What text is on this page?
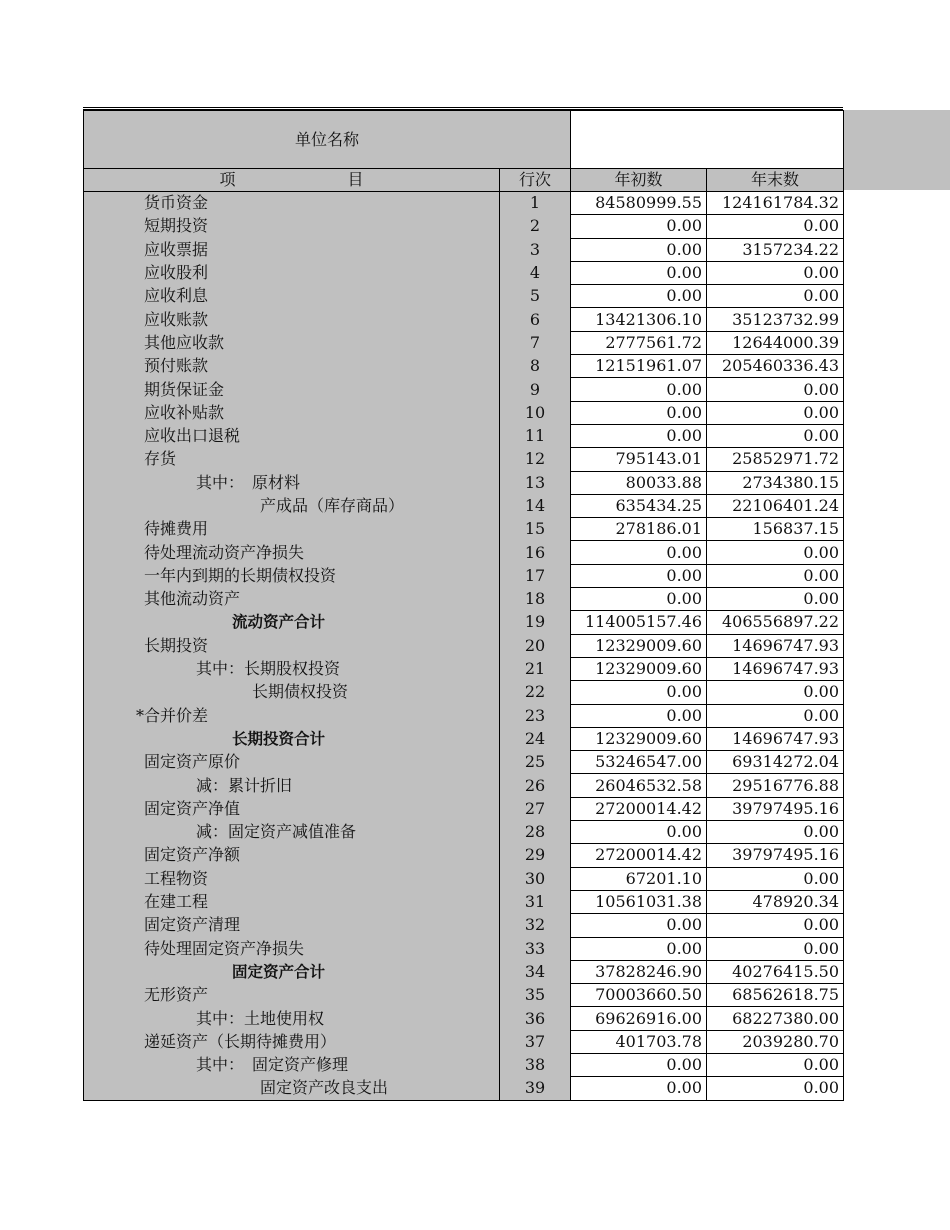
单位名称			
项　　　　　　　目	行次	年初数	年末数
货币资金	1	84580999.55	124161784.32
短期投资	2	0.00	0.00
应收票据	3	0.00	3157234.22
应收股利	4	0.00	0.00
应收利息	5	0.00	0.00
应收账款	6	13421306.10	35123732.99
其他应收款	7	2777561.72	12644000.39
预付账款	8	12151961.07	205460336.43
期货保证金	9	0.00	0.00
应收补贴款	10	0.00	0.00
应收出口退税	11	0.00	0.00
存货	12	795143.01	25852971.72
其中：　原材料	13	80033.88	2734380.15
产成品（库存商品）	14	635434.25	22106401.24
待摊费用	15	278186.01	156837.15
待处理流动资产净损失	16	0.00	0.00
一年内到期的长期债权投资	17	0.00	0.00
其他流动资产	18	0.00	0.00
流动资产合计	19	114005157.46	406556897.22
长期投资	20	12329009.60	14696747.93
其中：长期股权投资	21	12329009.60	14696747.93
长期债权投资	22	0.00	0.00
*合并价差	23	0.00	0.00
长期投资合计	24	12329009.60	14696747.93
固定资产原价	25	53246547.00	69314272.04
减：累计折旧	26	26046532.58	29516776.88
固定资产净值	27	27200014.42	39797495.16
减：固定资产减值准备	28	0.00	0.00
固定资产净额	29	27200014.42	39797495.16
工程物资	30	67201.10	0.00
在建工程	31	10561031.38	478920.34
固定资产清理	32	0.00	0.00
待处理固定资产净损失	33	0.00	0.00
固定资产合计	34	37828246.90	40276415.50
无形资产	35	70003660.50	68562618.75
其中：土地使用权	36	69626916.00	68227380.00
递延资产（长期待摊费用）	37	401703.78	2039280.70
其中：　固定资产修理	38	0.00	0.00
固定资产改良支出	39	0.00	0.00
